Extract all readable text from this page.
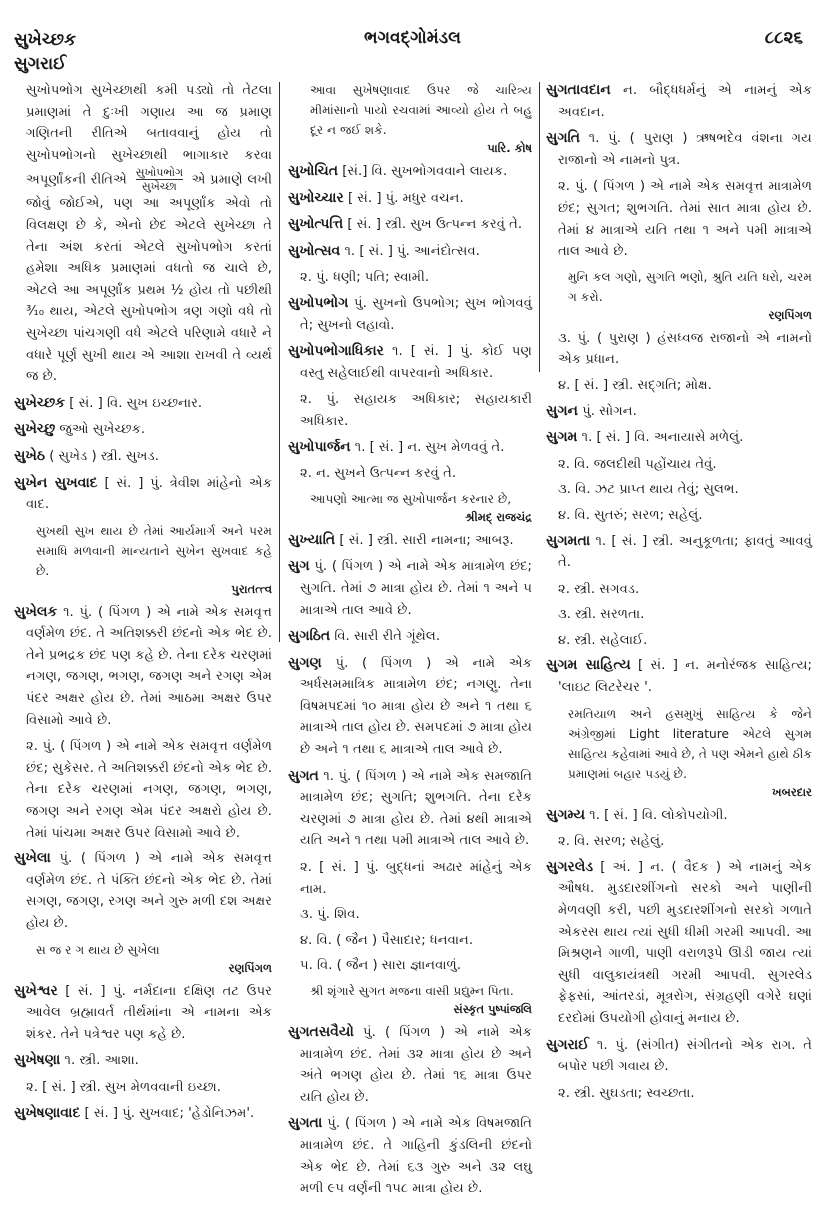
સુખેચ્છક
સુગરાઈ
ભગવદ્ગોમંડલ	૮૮૨૬
સુખોપભોગ સુખેચ્છાથી કમી પડ્યો તો તેટલા પ્રમાણમાં તે દુઃખી ગણાય આ જ પ્રમાણ ગણિતની રીતિએ બતાવવાનું હોય તો સુખોપભોગનો સુખેચ્છાથી ભાગાકાર કરવા અપૂર્ણાંકની રીતિએ $\frac{\text{સુખોપભોગ}}{\text{સુખેચ્છા}}$ એ પ્રમાણે લખી જોવું જોઈએ, પણ આ અપૂર્ણાંક એવો તો વિલક્ષણ છે કે, એનો છેદ એટલે સુખેચ્છા તે તેના અંશ કરતાં એટલે સુખોપભોગ કરતાં હમેશા અધિક પ્રમાણમાં વધતો જ ચાલે છે, એટલે આ અપૂર્ણાંક પ્રથમ ½ હોય તો પછીથી ³⁄₁₀ થાય, એટલે સુખોપભોગ ત્રણ ગણો વધે તો સુખેચ્છા પાંચગણી વધે એટલે પરિણામે વધારે ને વધારે પૂર્ણ સુખી થાય એ આશા રાખવી તે વ્યર્થ જ છે.
સુખેચ્છક [ સં. ] વિ. સુખ ઇચ્છનાર.
સુખેચ્છુ જુઓ સુખેચ્છક.
સુખેઠ ( સુખેડ ) સ્ત્રી. સુખડ.
સુખેન સુખવાદ [ સં. ] પું. ત્રેવીશ માંહેનો એક વાદ.
સુખથી સુખ થાય છે તેમાં આર્યમાર્ગ અને પરમ સમાધિ મળવાની માન્યતાને સુખેન સુખવાદ કહે છે.
પુરાતત્ત્વ
સુખેલક ૧. પું. ( પિંગળ ) એ નામે એક સમવૃત્ત વર્ણમેળ છંદ. તે અતિશક્કરી છંદનો એક ભેદ છે. તેને પ્રભદ્રક છંદ પણ કહે છે. તેના દરેક ચરણમાં નગણ, જગણ, ભગણ, જગણ અને રગણ એમ પંદર અક્ષર હોય છે. તેમાં આઠમા અક્ષર ઉપર વિસામો આવે છે.
૨. પું. ( પિંગળ ) એ નામે એક સમવૃત્ત વર્ણમેળ છંદ; સુકેસર. તે અતિશક્કરી છંદનો એક ભેદ છે. તેના દરેક ચરણમાં નગણ, જગણ, ભગણ, જગણ અને રગણ એમ પંદર અક્ષરો હોય છે. તેમાં પાંચમા અક્ષર ઉપર વિસામો આવે છે.
સુખેલા પું. ( પિંગળ ) એ નામે એક સમવૃત્ત વર્ણમેળ છંદ. તે પંક્તિ છંદનો એક ભેદ છે. તેમાં સગણ, જગણ, રગણ અને ગુરુ મળી દશ અક્ષર હોય છે.
સ જ ર ગ થાય છે સુખેલા
રણપિંગળ
સુખેશ્વર [ સં. ] પું. નર્મદાના દક્ષિણ તટ ઉપર આવેલ બ્રહ્માવર્ત તીર્થમાંના એ નામના એક શંકર. તેને પત્રેશ્વર પણ કહે છે.
સુખેષણા ૧. સ્ત્રી. આશા.
૨. [ સં. ] સ્ત્રી. સુખ મેળવવાની ઇચ્છા.
સુખેષણાવાદ [ સં. ] પું. સુખવાદ; 'હેડોનિઝમ'.
આવા સુખેષણાવાદ ઉપર જે ચારિત્ર્ય મીમાંસાનો પાયો રચવામાં આવ્યો હોય તે બહુ દૂર ન જઈ શકે.
પારિ. કોષ
સુખોચિત [સં.] વિ. સુખભોગવવાને લાયક.
સુખોચ્ચાર [ સં. ] પું. મધુર વચન.
સુખોત્પત્તિ [ સં. ] સ્ત્રી. સુખ ઉત્પન્ન કરવું તે.
સુખોત્સવ ૧. [ સં. ] પું. આનંદોત્સવ.
૨. પું. ધણી; પતિ; સ્વામી.
સુખોપભોગ પું. સુખનો ઉપભોગ; સુખ ભોગવવું તે; સુખનો લહાવો.
સુખોપભોગાધિકાર ૧. [ સં. ] પું. કોઈ પણ વસ્તુ સહેલાઈથી વાપરવાનો અધિકાર.
૨. પું. સહાયક અધિકાર; સહાયકારી અધિકાર.
સુખોપાર્જન ૧. [ સં. ] ન. સુખ મેળવવું તે.
૨. ન. સુખને ઉત્પન્ન કરવું તે.
આપણો આત્મા જ સુખોપાર્જન કરનાર છે,
શ્રીમદ્ રાજચંદ્ર
સુખ્યાતિ [ સં. ] સ્ત્રી. સારી નામના; આબરૂ.
સુગ પું. ( પિંગળ ) એ નામે એક માત્રામેળ છંદ; સુગતિ. તેમાં ૭ માત્રા હોય છે. તેમાં ૧ અને ૫ માત્રાએ તાલ આવે છે.
સુગઠિત વિ. સારી રીતે ગૂંથેલ.
સુગણ પું. ( પિંગળ ) એ નામે એક અર્ધસમમાત્રિક માત્રામેળ છંદ; નગણુ. તેના વિષમપદમાં ૧૦ માત્રા હોય છે અને ૧ તથા ૬ માત્રાએ તાલ હોય છે. સમપદમાં ૭ માત્રા હોય છે અને ૧ તથા ૬ માત્રાએ તાલ આવે છે.
સુગત ૧. પું. ( પિંગળ ) એ નામે એક સમજાતિ માત્રામેળ છંદ; સુગતિ; શુભગતિ. તેના દરેક ચરણમાં ૭ માત્રા હોય છે. તેમાં ૪થી માત્રાએ યતિ અને ૧ તથા ૫મી માત્રાએ તાલ આવે છે.
૨. [ સં. ] પું. બુદ્ધનાં અઢાર માંહેનું એક નામ.
૩. પું. શિવ.
૪. વિ. ( જૈન ) પૈસાદાર; ધનવાન.
૫. વિ. ( જૈન ) સારા જ્ઞાનવાળું.
શ્રી શૃંગારે સુગત મજના વાસી પ્રદ્યુમ્ન પિતા.
સંસ્કૃત પુષ્પાંજલિ
સુગતસવૈયો પું. ( પિંગળ ) એ નામે એક માત્રામેળ છંદ. તેમાં ૩૨ માત્રા હોય છે અને અંતે ભગણ હોય છે. તેમાં ૧૬ માત્રા ઉપર યતિ હોય છે.
સુગતા પું. ( પિંગળ ) એ નામે એક વિષમજાતિ માત્રામેળ છંદ. તે ગાહિની કુંડલિની છંદનો એક ભેદ છે. તેમાં ૬૩ ગુરુ અને ૩૨ લઘુ મળી ૯૫ વર્ણની ૧૫૮ માત્રા હોય છે.
સુગતાવદાન ન. બૌદ્ધધર્મનું એ નામનું એક અવદાન.
સુગતિ ૧. પું. ( પુરાણ ) ઋષભદેવ વંશના ગય રાજાનો એ નામનો પુત્ર.
૨. પું. ( પિંગળ ) એ નામે એક સમવૃત્ત માત્રામેળ છંદ; સુગત; શુભગતિ. તેમાં સાત માત્રા હોય છે. તેમાં ૪ માત્રાએ યતિ તથા ૧ અને ૫મી માત્રાએ તાલ આવે છે.
મુનિ કલ ગણો, સુગતિ ભણો, શ્રુતિ યતિ ધરો, ચરમ ગ કરો.
રણપિંગળ
૩. પું. ( પુરાણ ) હંસધ્વજ રાજાનો એ નામનો એક પ્રધાન.
૪. [ સં. ] સ્ત્રી. સદ્ગતિ; મોક્ષ.
સુગન પું. સોગન.
સુગમ ૧. [ સં. ] વિ. અનાયાસે મળેલું.
૨. વિ. જલદીથી પહોંચાય તેવું.
૩. વિ. ઝટ પ્રાપ્ત થાય તેવું; સુલભ.
૪. વિ. સુતરું; સરળ; સહેલું.
સુગમતા ૧. [ સં. ] સ્ત્રી. અનુકૂળતા; ફાવતું આવવું તે.
૨. સ્ત્રી. સગવડ.
૩. સ્ત્રી. સરળતા.
૪. સ્ત્રી. સહેલાઈ.
સુગમ સાહિત્ય [ સં. ] ન. મનોરંજક સાહિત્ય; 'લાઇટ લિટરેચર '.
રમતિયાળ અને હસમુખું સાહિત્ય કે જેને અંગ્રેજીમાં Light literature એટલે સુગમ સાહિત્ય કહેવામાં આવે છે, તે પણ એમને હાથે ઠીક પ્રમાણમાં બહાર પડયું છે.
ખબરદાર
સુગમ્ય ૧. [ સં. ] વિ. લોકોપયોગી.
૨. વિ. સરળ; સહેલું.
સુગરલેડ [ અં. ] ન. ( વૈદક ) એ નામનું એક ઔષધ. મુડદારશીંગનો સરકો અને પાણીની મેળવણી કરી, પછી મુડદારશીંગનો સરકો ગળાતે એકરસ થાય ત્યાં સુધી ધીમી ગરમી આપવી. આ મિશ્રણને ગાળી, પાણી વરાળરૂપે ઊડી જાય ત્યાં સુધી વાલુકાયંત્રથી ગરમી આપવી. સુગરલેડ ફેફસાં, આંતરડાં, મૂત્રરોગ, સંગ્રહણી વગેરે ઘણાં દરદોમાં ઉપયોગી હોવાનું મનાય છે.
સુગરાઈ ૧. પું. (સંગીત) સંગીતનો એક રાગ. તે બપોર પછી ગવાય છે.
૨. સ્ત્રી. સુઘડતા; સ્વચ્છતા.
